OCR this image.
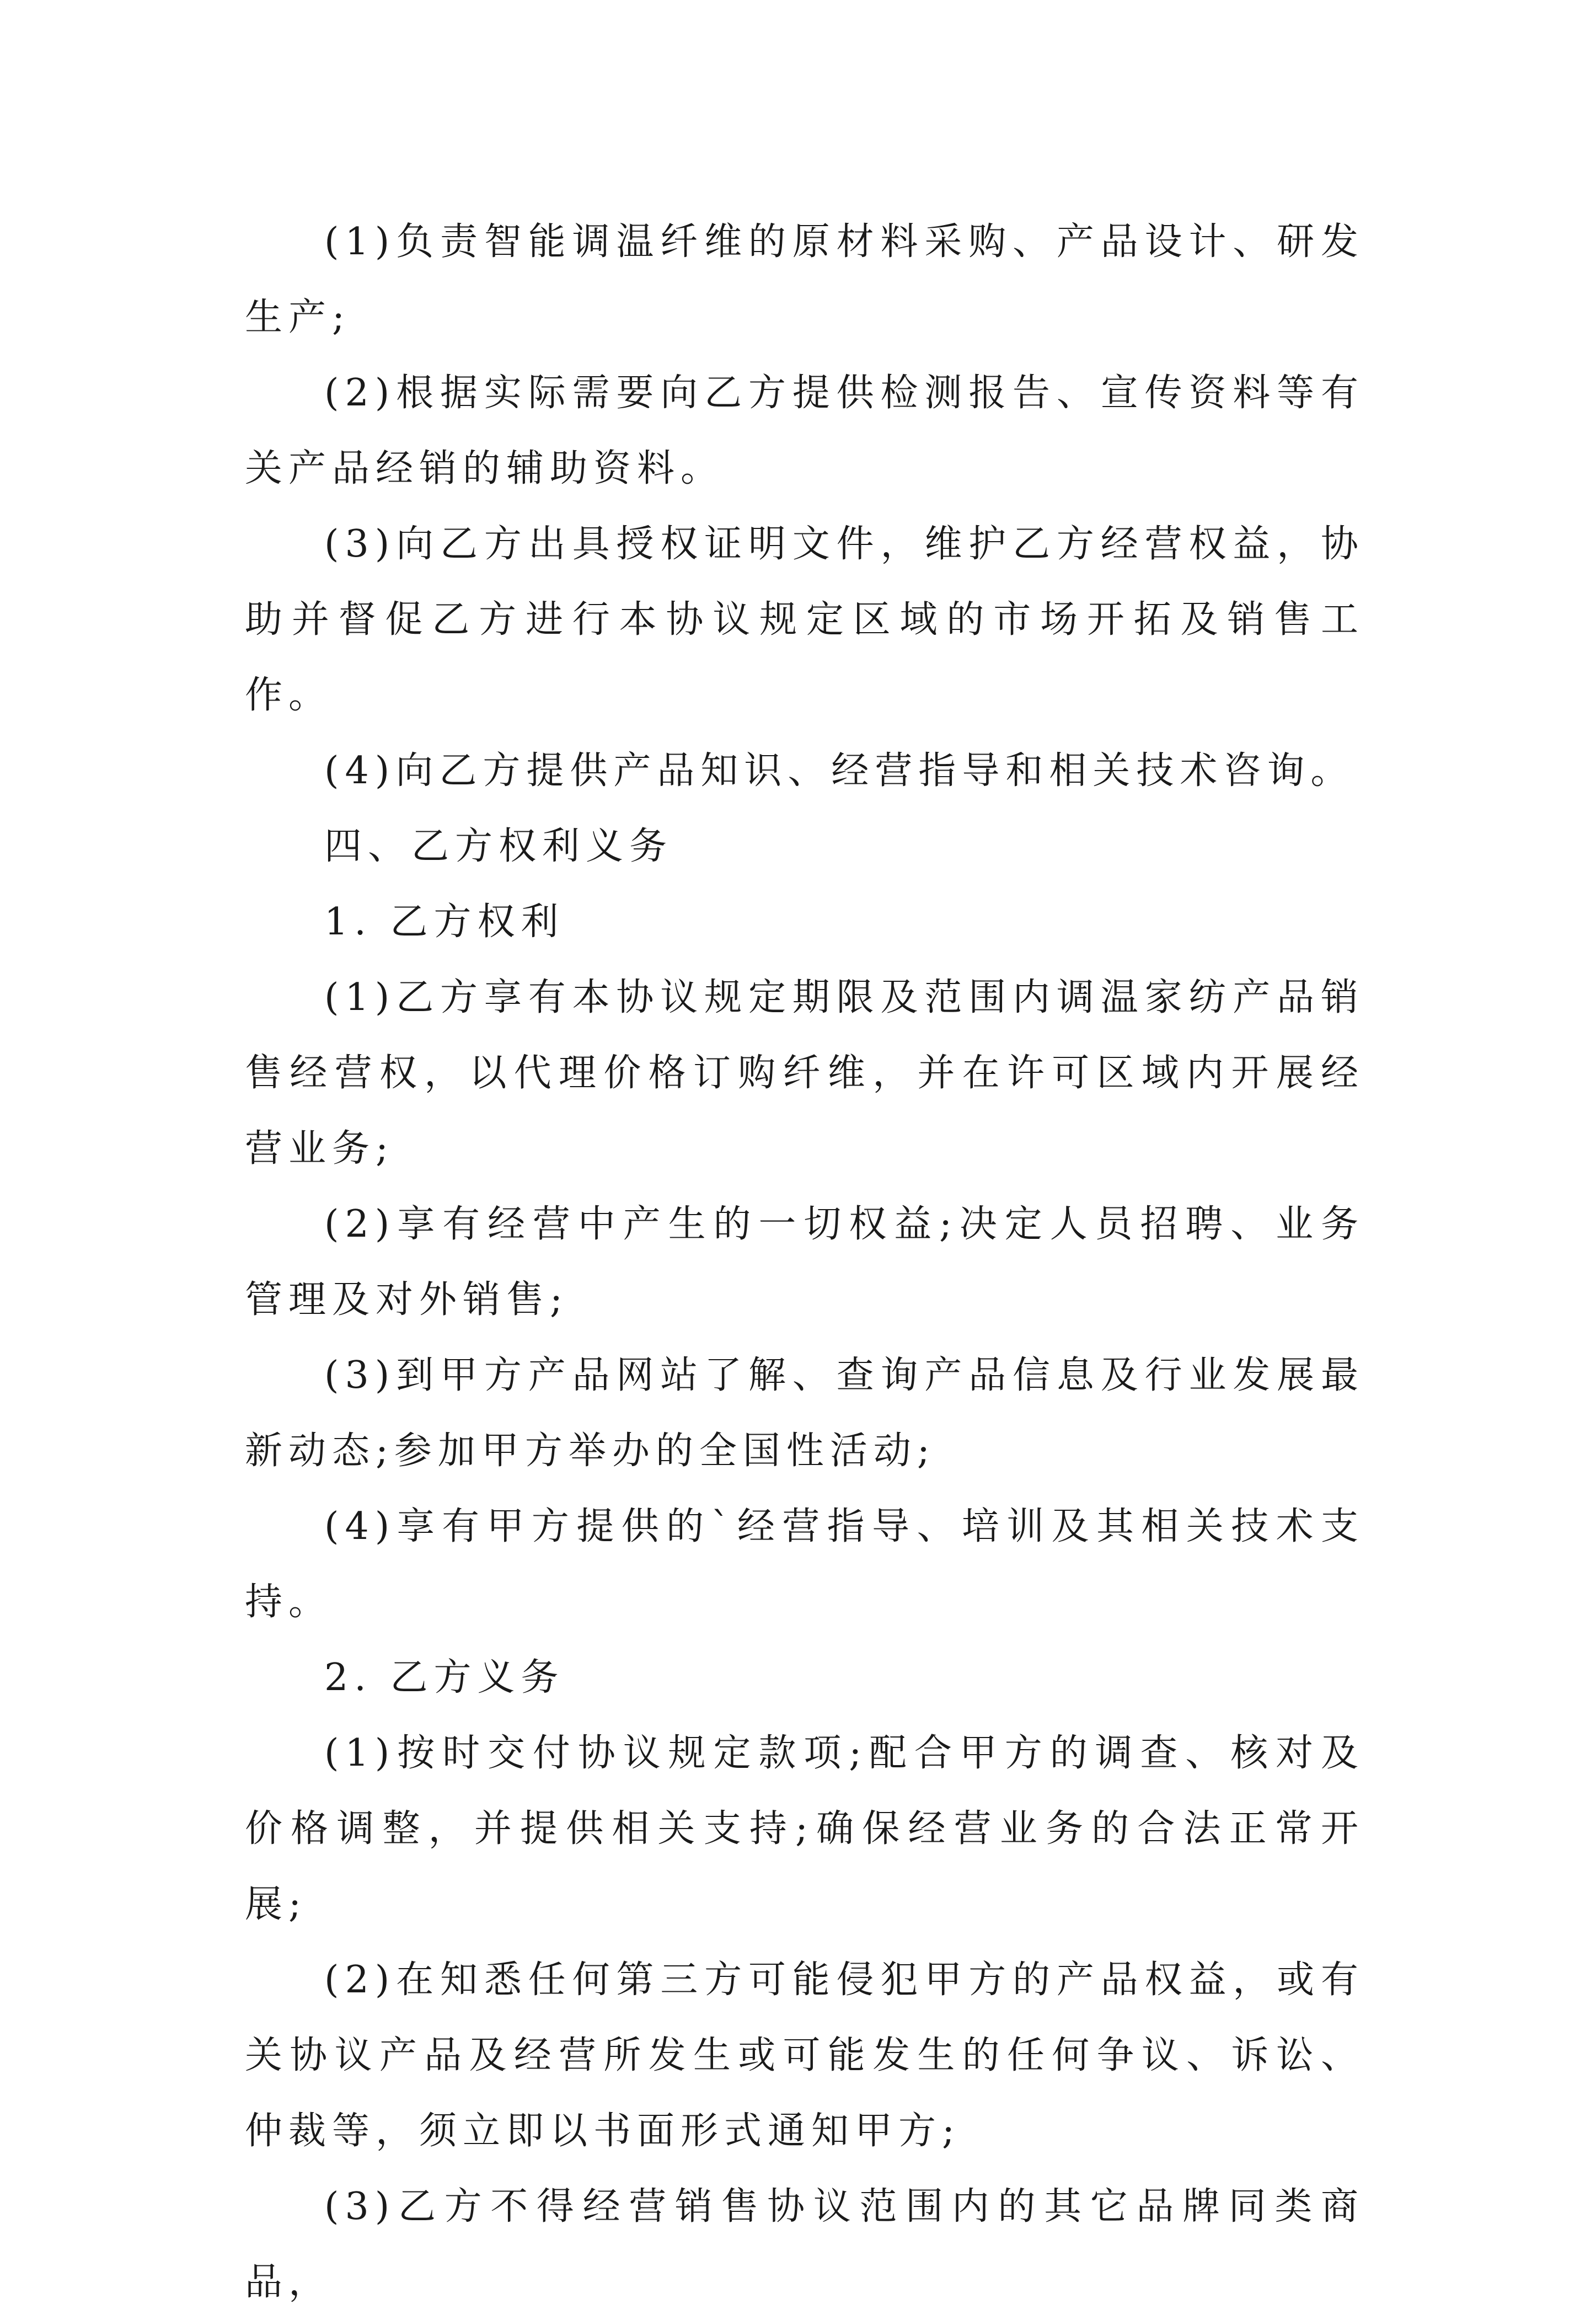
(1)负责智能调温纤维的原材料采购、产品设计、研发生产;

(2)根据实际需要向乙方提供检测报告、宣传资料等有关产品经销的辅助资料。

(3)向乙方出具授权证明文件，维护乙方经营权益，协助并督促乙方进行本协议规定区域的市场开拓及销售工作。

(4)向乙方提供产品知识、经营指导和相关技术咨询。

四、乙方权利义务

1. 乙方权利

(1)乙方享有本协议规定期限及范围内调温家纺产品销售经营权，以代理价格订购纤维，并在许可区域内开展经营业务;

(2)享有经营中产生的一切权益;决定人员招聘、业务管理及对外销售;

(3)到甲方产品网站了解、查询产品信息及行业发展最新动态;参加甲方举办的全国性活动;

(4)享有甲方提供的`经营指导、培训及其相关技术支持。

2. 乙方义务

(1)按时交付协议规定款项;配合甲方的调查、核对及价格调整，并提供相关支持;确保经营业务的合法正常开展;

(2)在知悉任何第三方可能侵犯甲方的产品权益，或有关协议产品及经营所发生或可能发生的任何争议、诉讼、仲裁等，须立即以书面形式通知甲方;

(3)乙方不得经营销售协议范围内的其它品牌同类商品，
